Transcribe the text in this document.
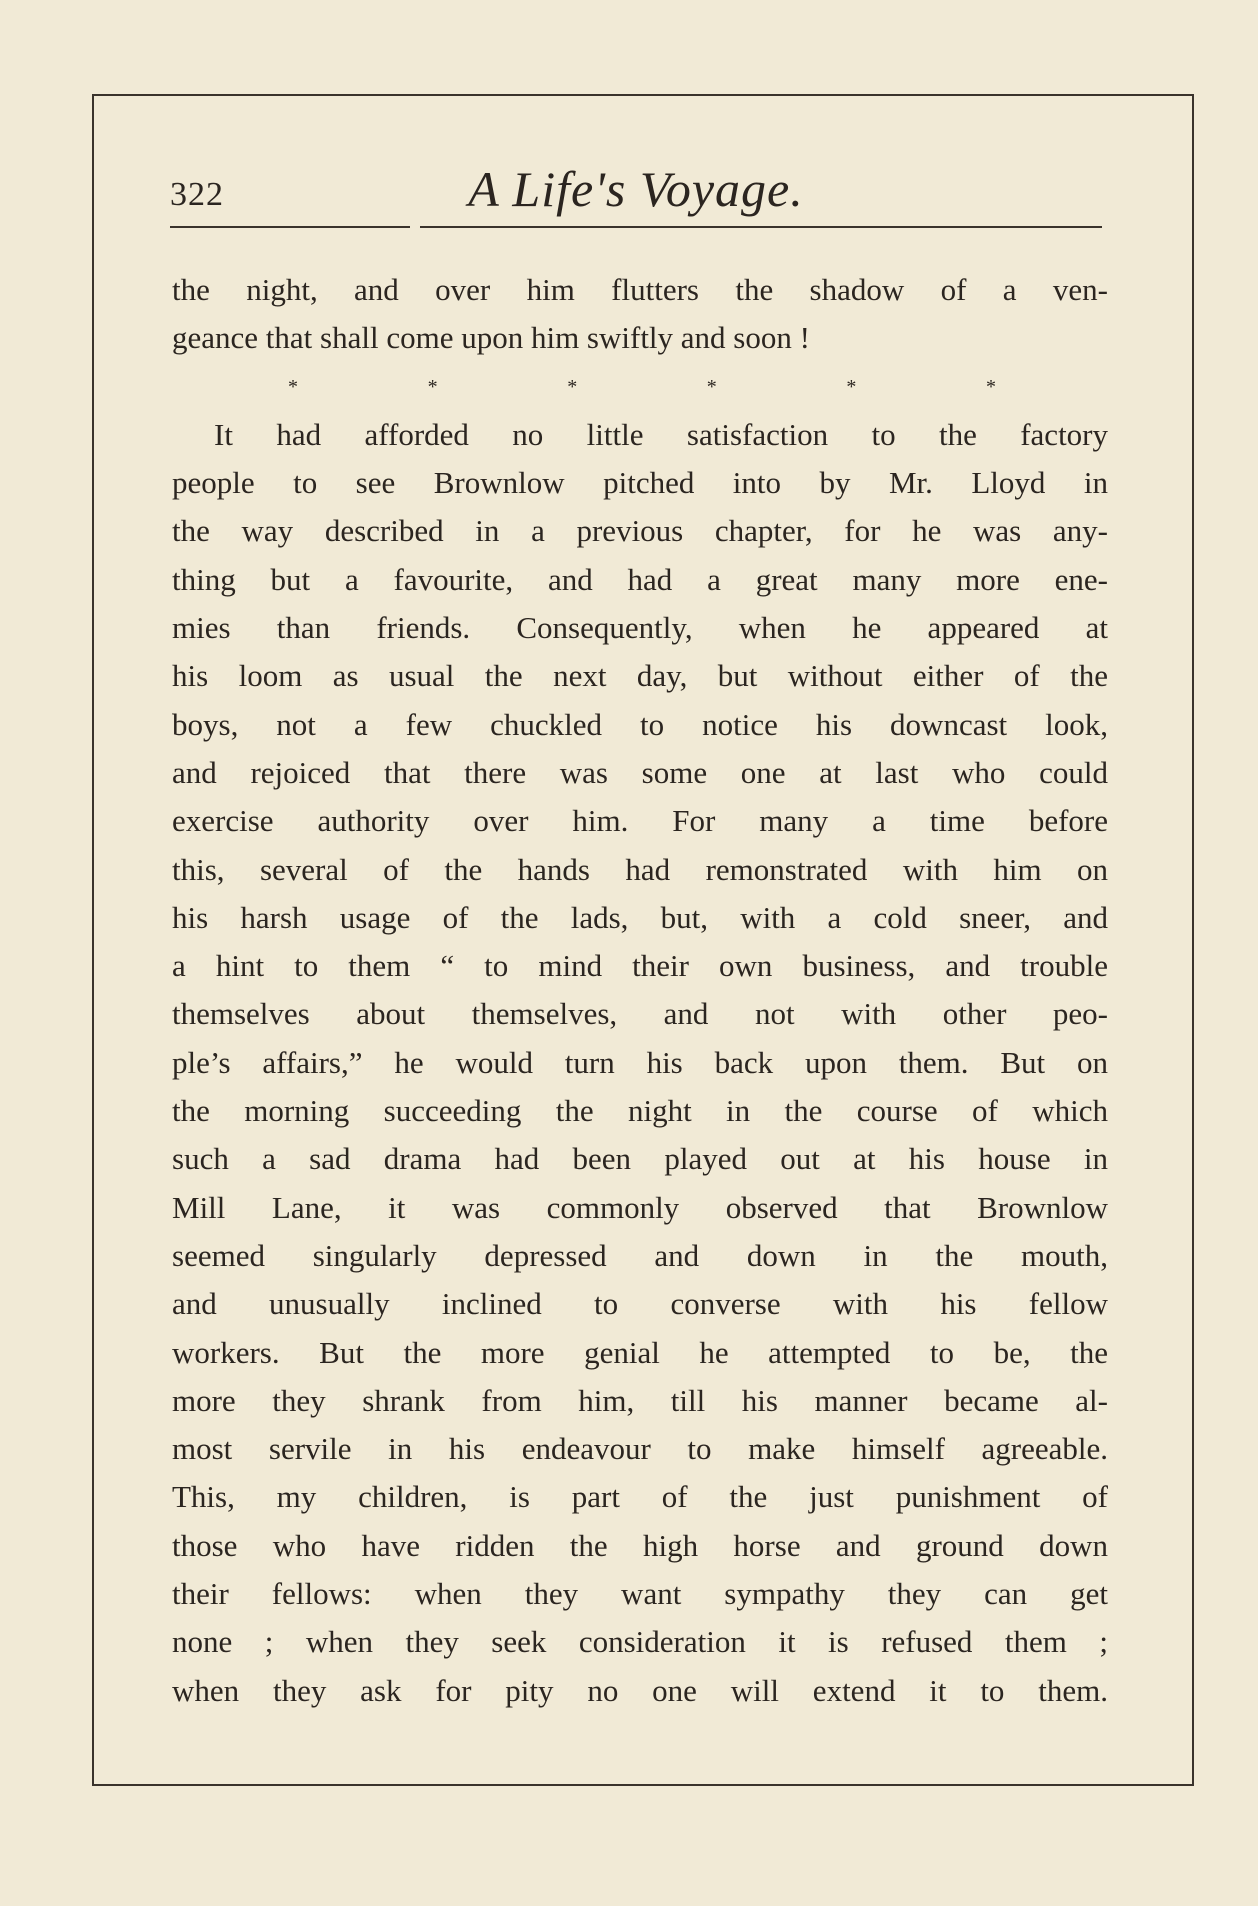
322	A Life's Voyage.
the night, and over him flutters the shadow of a ven-
geance that shall come upon him swiftly and soon !
*	*	*	*	*	*
It had afforded no little satisfaction to the factory
people to see Brownlow pitched into by Mr. Lloyd in
the way described in a previous chapter, for he was any-
thing but a favourite, and had a great many more ene-
mies than friends. Consequently, when he appeared at
his loom as usual the next day, but without either of the
boys, not a few chuckled to notice his downcast look,
and rejoiced that there was some one at last who could
exercise authority over him. For many a time before
this, several of the hands had remonstrated with him on
his harsh usage of the lads, but, with a cold sneer, and
a hint to them “ to mind their own business, and trouble
themselves about themselves, and not with other peo-
ple’s affairs,” he would turn his back upon them. But on
the morning succeeding the night in the course of which
such a sad drama had been played out at his house in
Mill Lane, it was commonly observed that Brownlow
seemed singularly depressed and down in the mouth,
and unusually inclined to converse with his fellow
workers. But the more genial he attempted to be, the
more they shrank from him, till his manner became al-
most servile in his endeavour to make himself agreeable.
This, my children, is part of the just punishment of
those who have ridden the high horse and ground down
their fellows: when they want sympathy they can get
none ; when they seek consideration it is refused them ;
when they ask for pity no one will extend it to them.
